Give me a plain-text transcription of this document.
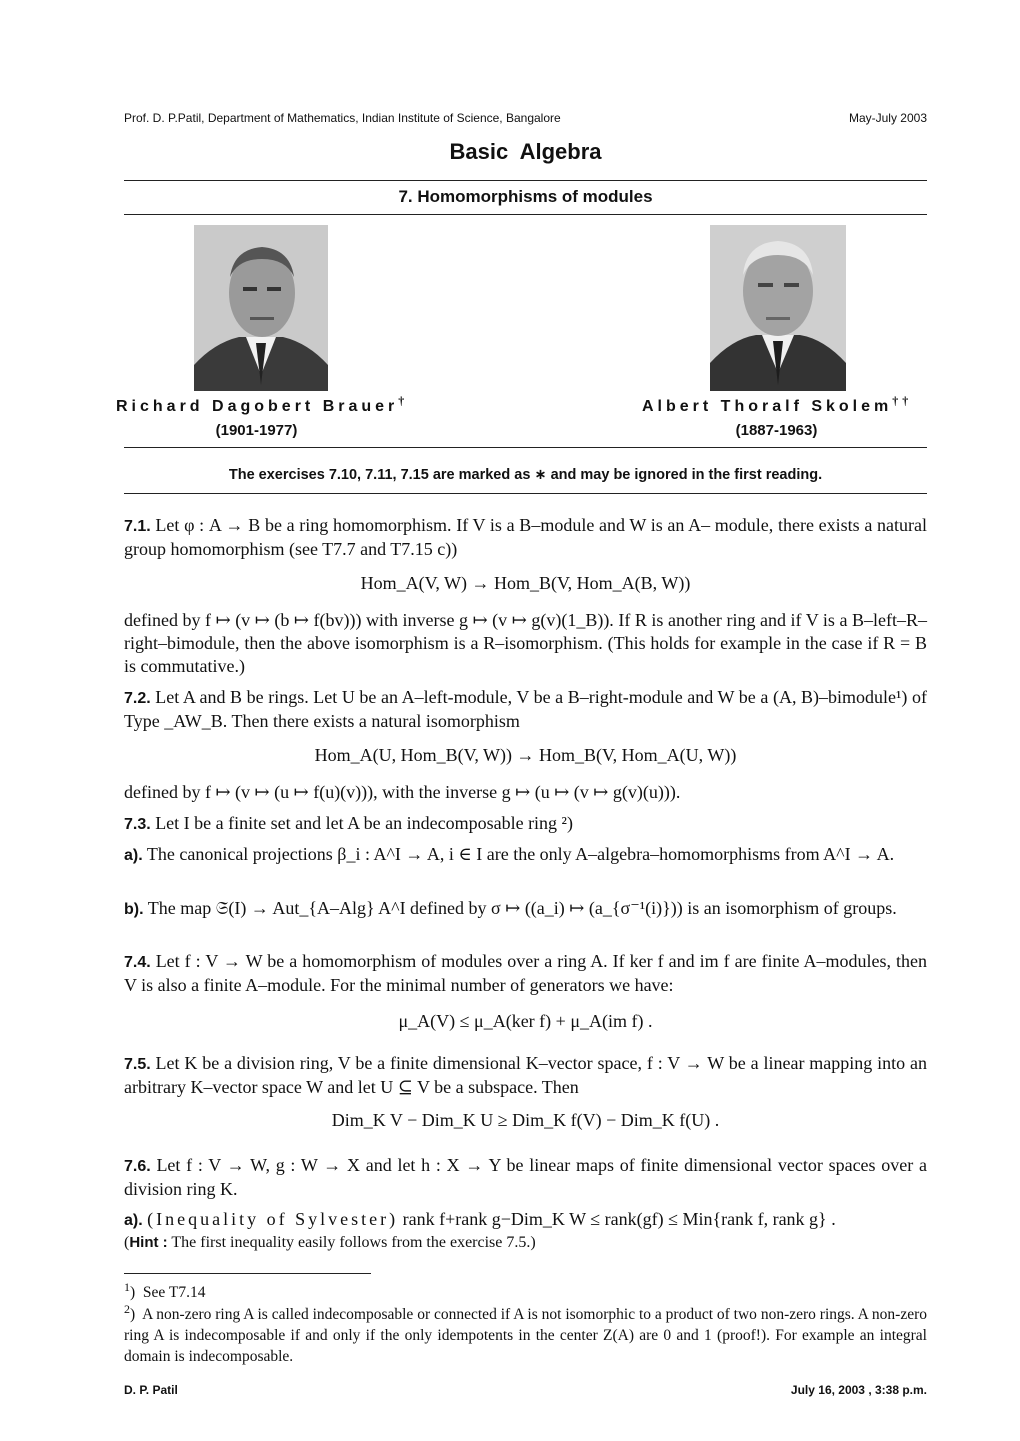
Prof. D. P.Patil, Department of Mathematics, Indian Institute of Science, Bangalore	May-July 2003
Basic  Algebra
7. Homomorphisms of modules
Richard Dagobert Brauer†
(1901-1977)
Albert Thoralf Skolem††
(1887-1963)
The exercises 7.10, 7.11, 7.15 are marked as ∗ and may be ignored in the first reading.
7.1. Let φ : A → B be a ring homomorphism. If V is a B–module and W is an A– module, there exists a natural group homomorphism (see T7.7 and T7.15 c))
Hom_A(V, W) → Hom_B(V, Hom_A(B, W))
defined by f ↦ (v ↦ (b ↦ f(bv))) with inverse g ↦ (v ↦ g(v)(1_B)). If R is another ring and if V is a B–left–R–right–bimodule, then the above isomorphism is a R–isomorphism. (This holds for example in the case if R = B is commutative.)
7.2. Let A and B be rings. Let U be an A–left-module, V be a B–right-module and W be a (A, B)–bimodule¹) of Type _AW_B. Then there exists a natural isomorphism
Hom_A(U, Hom_B(V, W)) → Hom_B(V, Hom_A(U, W))
defined by f ↦ (v ↦ (u ↦ f(u)(v))), with the inverse g ↦ (u ↦ (v ↦ g(v)(u))).
7.3. Let I be a finite set and let A be an indecomposable ring ²)
a). The canonical projections β_i : A^I → A, i ∈ I are the only A–algebra–homomorphisms from A^I → A.
b). The map 𝔖(I) → Aut_{A–Alg} A^I defined by σ ↦ ((a_i) ↦ (a_{σ⁻¹(i)})) is an isomorphism of groups.
7.4. Let f : V → W be a homomorphism of modules over a ring A. If ker f and im f are finite A–modules, then V is also a finite A–module. For the minimal number of generators we have:
μ_A(V) ≤ μ_A(ker f) + μ_A(im f) .
7.5. Let K be a division ring, V be a finite dimensional K–vector space, f : V → W be a linear mapping into an arbitrary K–vector space W and let U ⊆ V be a subspace. Then
Dim_K V − Dim_K U ≥ Dim_K f(V) − Dim_K f(U) .
7.6. Let f : V → W, g : W → X and let h : X → Y be linear maps of finite dimensional vector spaces over a division ring K.
a). (Inequality of Sylvester) rank f+rank g−Dim_K W ≤ rank(gf) ≤ Min{rank f, rank g} .
(Hint : The first inequality easily follows from the exercise 7.5.)
$^1$)  See T7.14
$^2$)  A non-zero ring A is called indecomposable or connected if A is not isomorphic to a product of two non-zero rings. A non-zero ring A is indecomposable if and only if the only idempotents in the center Z(A) are 0 and 1 (proof!). For example an integral domain is indecomposable.
D. P. Patil	July 16, 2003 , 3:38 p.m.
